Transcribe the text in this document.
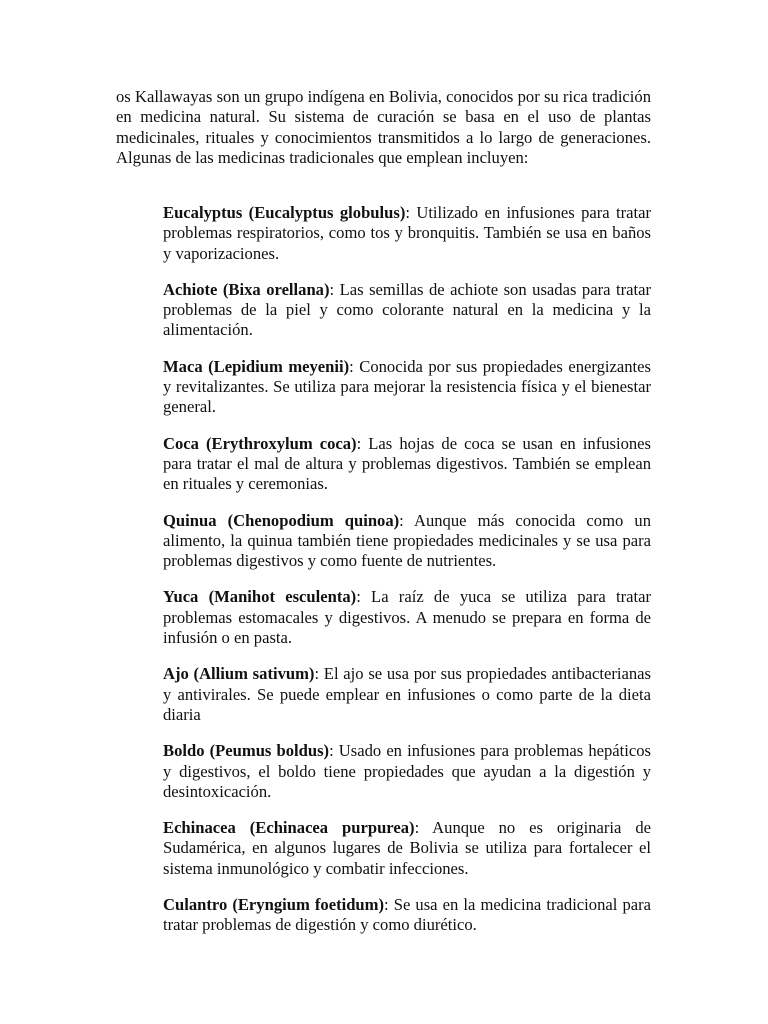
os Kallawayas son un grupo indígena en Bolivia, conocidos por su rica tradición en medicina natural. Su sistema de curación se basa en el uso de plantas medicinales, rituales y conocimientos transmitidos a lo largo de generaciones. Algunas de las medicinas tradicionales que emplean incluyen:

Eucalyptus (Eucalyptus globulus): Utilizado en infusiones para tratar problemas respiratorios, como tos y bronquitis. También se usa en baños y vaporizaciones.

Achiote (Bixa orellana): Las semillas de achiote son usadas para tratar problemas de la piel y como colorante natural en la medicina y la alimentación.

Maca (Lepidium meyenii): Conocida por sus propiedades energizantes y revitalizantes. Se utiliza para mejorar la resistencia física y el bienestar general.

Coca (Erythroxylum coca): Las hojas de coca se usan en infusiones para tratar el mal de altura y problemas digestivos. También se emplean en rituales y ceremonias.

Quinua (Chenopodium quinoa): Aunque más conocida como un alimento, la quinua también tiene propiedades medicinales y se usa para problemas digestivos y como fuente de nutrientes.

Yuca (Manihot esculenta): La raíz de yuca se utiliza para tratar problemas estomacales y digestivos. A menudo se prepara en forma de infusión o en pasta.

Ajo (Allium sativum): El ajo se usa por sus propiedades antibacterianas y antivirales. Se puede emplear en infusiones o como parte de la dieta diaria

Boldo (Peumus boldus): Usado en infusiones para problemas hepáticos y digestivos, el boldo tiene propiedades que ayudan a la digestión y desintoxicación.

Echinacea (Echinacea purpurea): Aunque no es originaria de Sudamérica, en algunos lugares de Bolivia se utiliza para fortalecer el sistema inmunológico y combatir infecciones.

Culantro (Eryngium foetidum): Se usa en la medicina tradicional para tratar problemas de digestión y como diurético.
